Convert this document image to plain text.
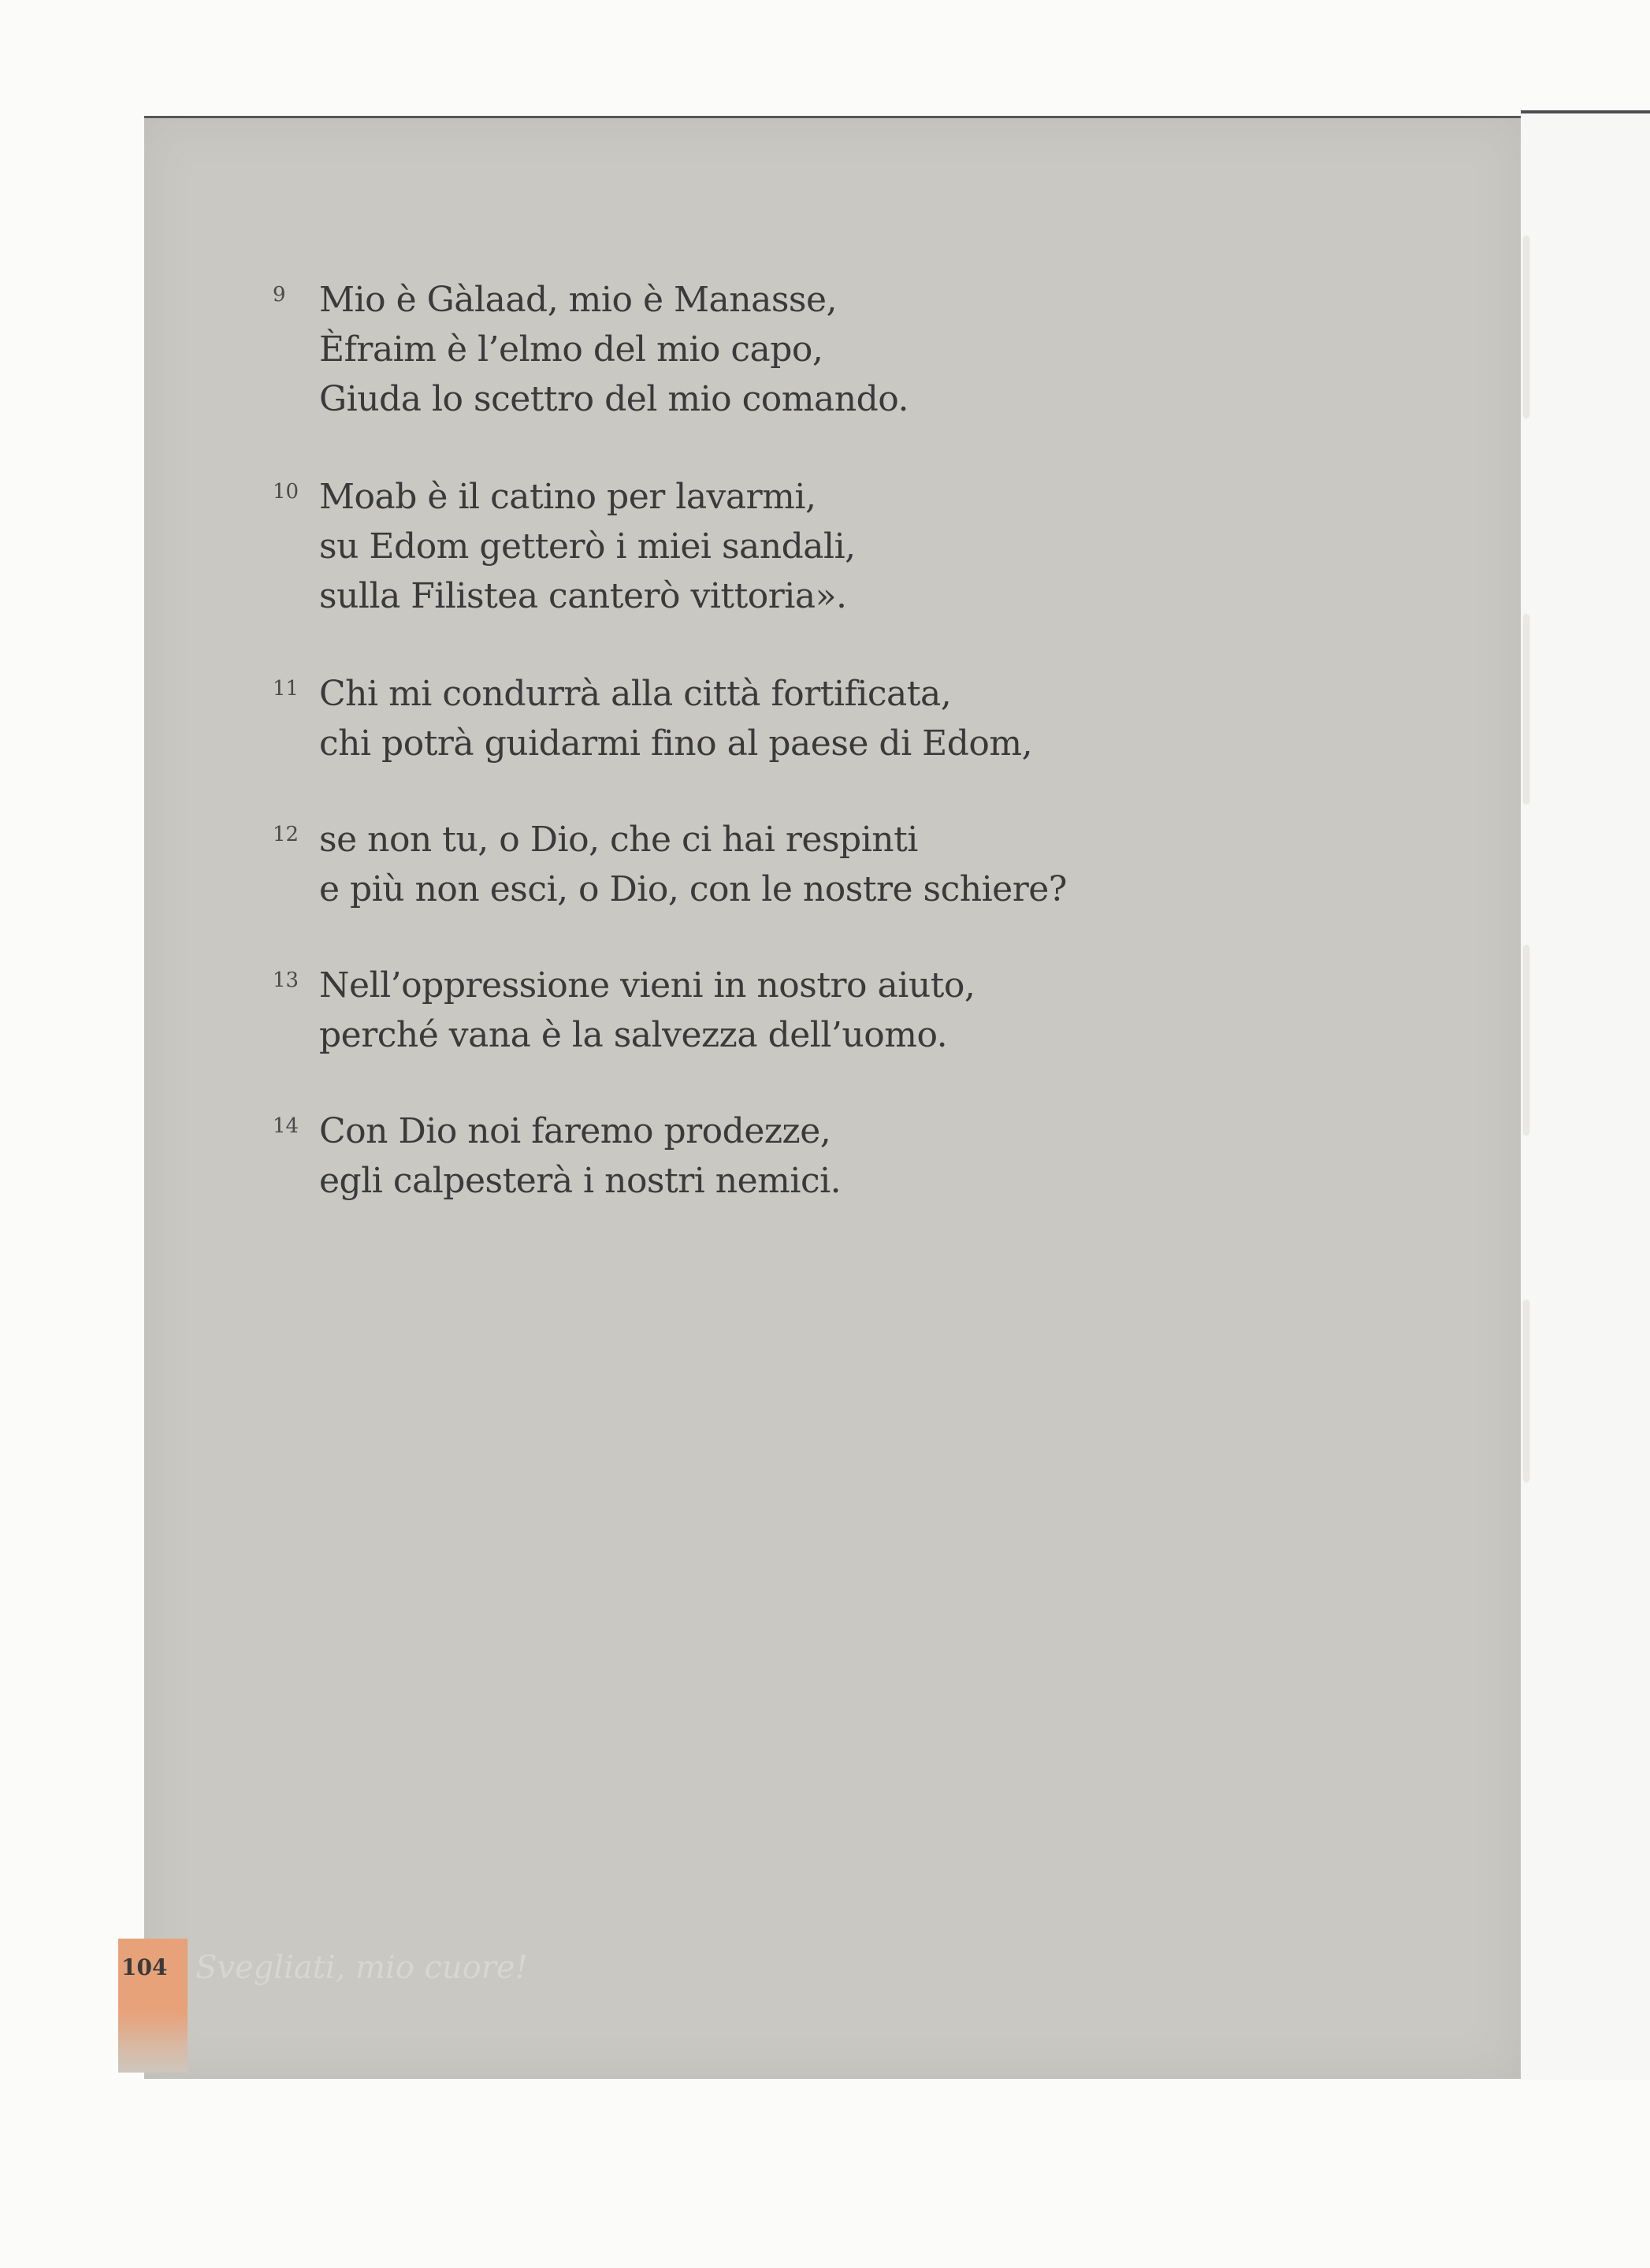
9 Mio è Gàlaad, mio è Manasse,
Èfraim è l’elmo del mio capo,
Giuda lo scettro del mio comando.
10 Moab è il catino per lavarmi,
su Edom getterò i miei sandali,
sulla Filistea canterò vittoria».
11 Chi mi condurrà alla città fortificata,
chi potrà guidarmi fino al paese di Edom,
12 se non tu, o Dio, che ci hai respinti
e più non esci, o Dio, con le nostre schiere?
13 Nell’oppressione vieni in nostro aiuto,
perché vana è la salvezza dell’uomo.
14 Con Dio noi faremo prodezze,
egli calpesterà i nostri nemici.
104 Svegliati, mio cuore!
